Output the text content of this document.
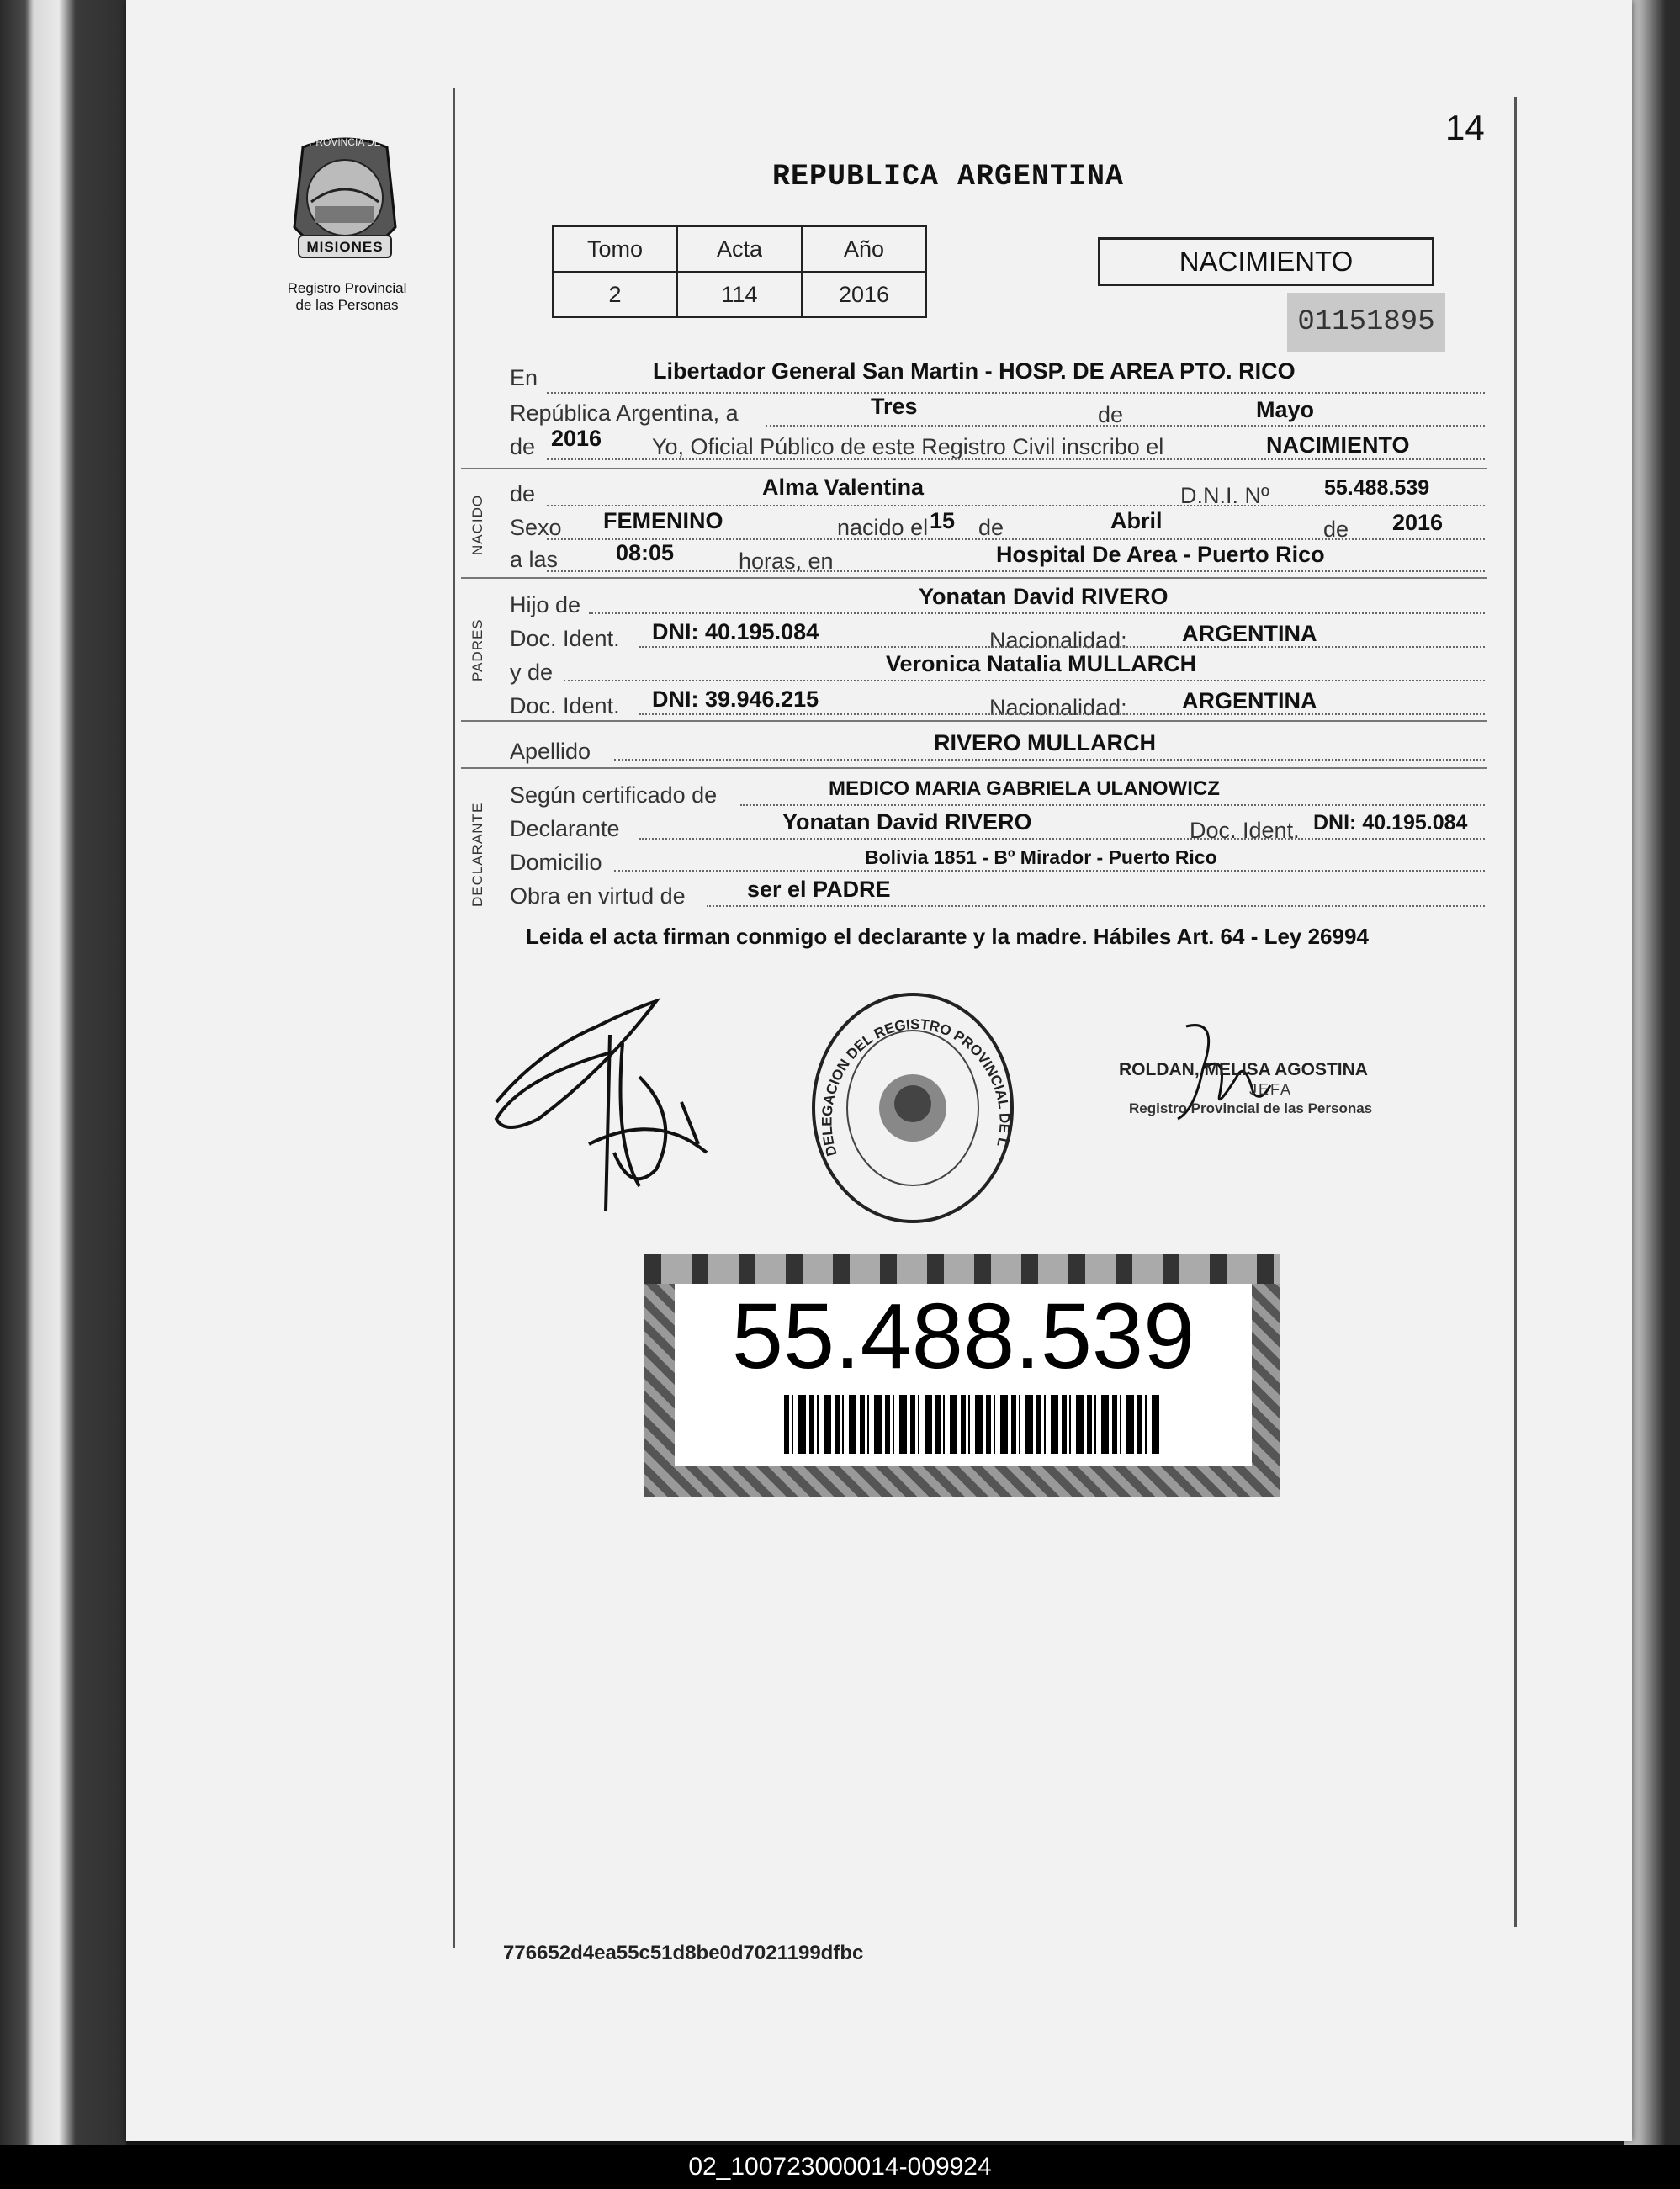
14
PROVINCIA DE
MISIONES
Registro Provincial
de las Personas
REPUBLICA ARGENTINA
Tomo	Acta	Año
2	114	2016
NACIMIENTO
01151895
En	Libertador General San Martin - HOSP. DE AREA PTO. RICO
República Argentina, a	Tres	de	Mayo
de 2016 Yo, Oficial Público de este Registro Civil inscribo el	NACIMIENTO
NACIDO
de	Alma Valentina	D.N.I. Nº	55.488.539
Sexo FEMENINO	nacido el 15 de	Abril	de 2016
a las	08:05	horas, en	Hospital De Area - Puerto Rico
PADRES
Hijo de	Yonatan David RIVERO
Doc. Ident. DNI: 40.195.084	Nacionalidad: ARGENTINA
y de	Veronica Natalia MULLARCH
Doc. Ident. DNI: 39.946.215	Nacionalidad: ARGENTINA
Apellido	RIVERO MULLARCH
DECLARANTE
Según certificado de	MEDICO MARIA GABRIELA ULANOWICZ
Declarante	Yonatan David RIVERO	Doc. Ident. DNI: 40.195.084
Domicilio	Bolivia 1851 - Bº Mirador - Puerto Rico
Obra en virtud de	ser el PADRE
Leida el acta firman conmigo el declarante y la madre. Hábiles Art. 64 - Ley 26994
DELEGACION DEL REGISTRO PROVINCIAL DE L
ROLDAN, MELISA AGOSTINA
JEFA
Registro Provincial de las Personas
55.488.539
776652d4ea55c51d8be0d7021199dfbc
02_100723000014-009924
